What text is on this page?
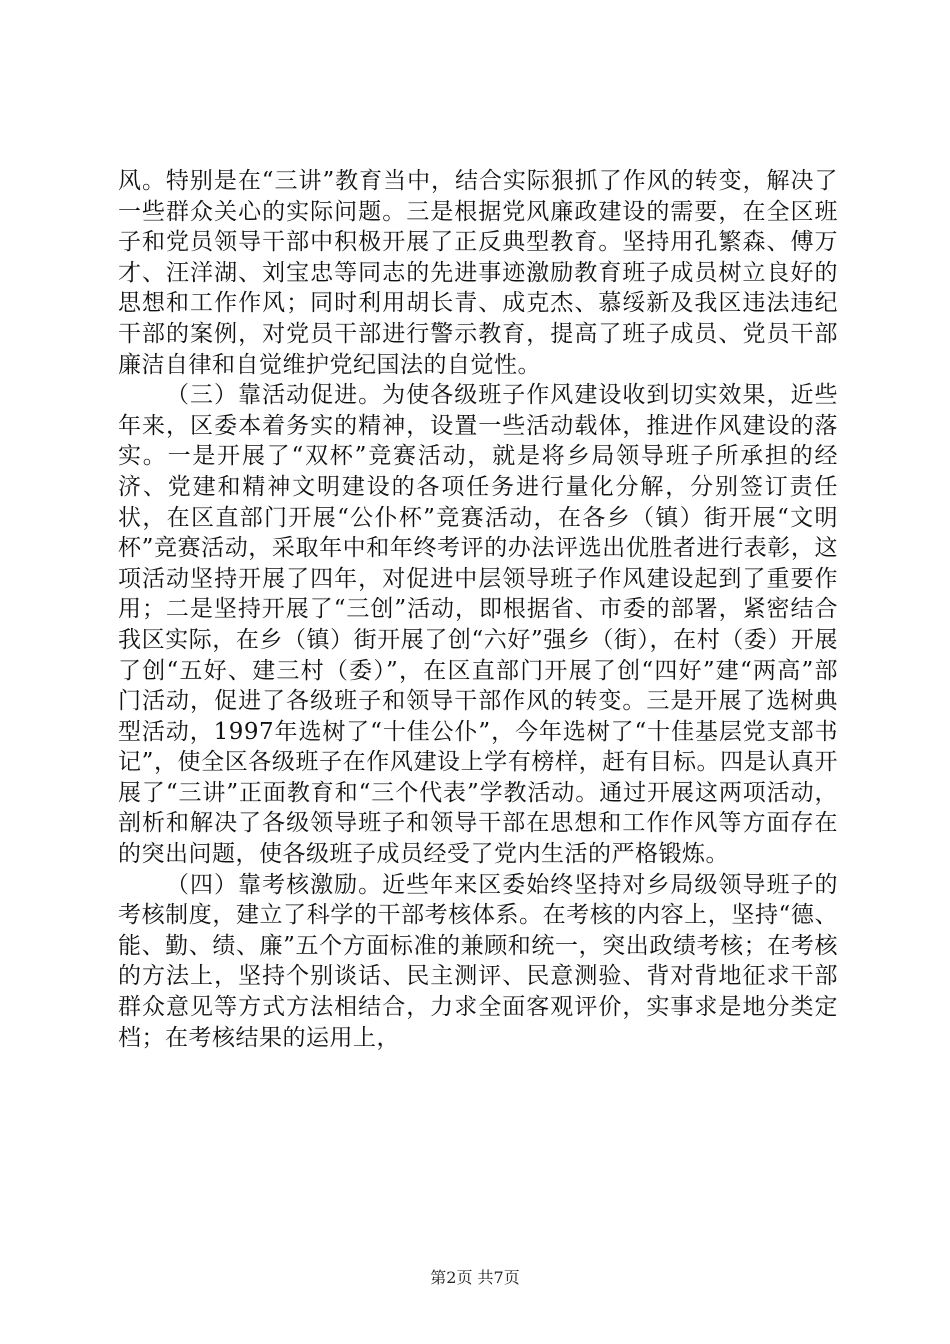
风。特别是在“三讲”教育当中，结合实际狠抓了作风的转变，解决了一些群众关心的实际问题。三是根据党风廉政建设的需要，在全区班子和党员领导干部中积极开展了正反典型教育。坚持用孔繁森、傅万才、汪洋湖、刘宝忠等同志的先进事迹激励教育班子成员树立良好的思想和工作作风；同时利用胡长青、成克杰、慕绥新及我区违法违纪干部的案例，对党员干部进行警示教育，提高了班子成员、党员干部廉洁自律和自觉维护党纪国法的自觉性。

（三）靠活动促进。为使各级班子作风建设收到切实效果，近些年来，区委本着务实的精神，设置一些活动载体，推进作风建设的落实。一是开展了“双杯”竞赛活动，就是将乡局领导班子所承担的经济、党建和精神文明建设的各项任务进行量化分解，分别签订责任状，在区直部门开展“公仆杯”竞赛活动，在各乡（镇）街开展“文明杯”竞赛活动，采取年中和年终考评的办法评选出优胜者进行表彰，这项活动坚持开展了四年，对促进中层领导班子作风建设起到了重要作用；二是坚持开展了“三创”活动，即根据省、市委的部署，紧密结合我区实际，在乡（镇）街开展了创“六好”强乡（街），在村（委）开展了创“五好、建三村（委）”，在区直部门开展了创“四好”建“两高”部门活动，促进了各级班子和领导干部作风的转变。三是开展了选树典型活动，1997年选树了“十佳公仆”，今年选树了“十佳基层党支部书记”，使全区各级班子在作风建设上学有榜样，赶有目标。四是认真开展了“三讲”正面教育和“三个代表”学教活动。通过开展这两项活动，剖析和解决了各级领导班子和领导干部在思想和工作作风等方面存在的突出问题，使各级班子成员经受了党内生活的严格锻炼。

（四）靠考核激励。近些年来区委始终坚持对乡局级领导班子的考核制度，建立了科学的干部考核体系。在考核的内容上，坚持“德、能、勤、绩、廉”五个方面标准的兼顾和统一，突出政绩考核；在考核的方法上，坚持个别谈话、民主测评、民意测验、背对背地征求干部群众意见等方式方法相结合，力求全面客观评价，实事求是地分类定档；在考核结果的运用上，

第2页 共7页
